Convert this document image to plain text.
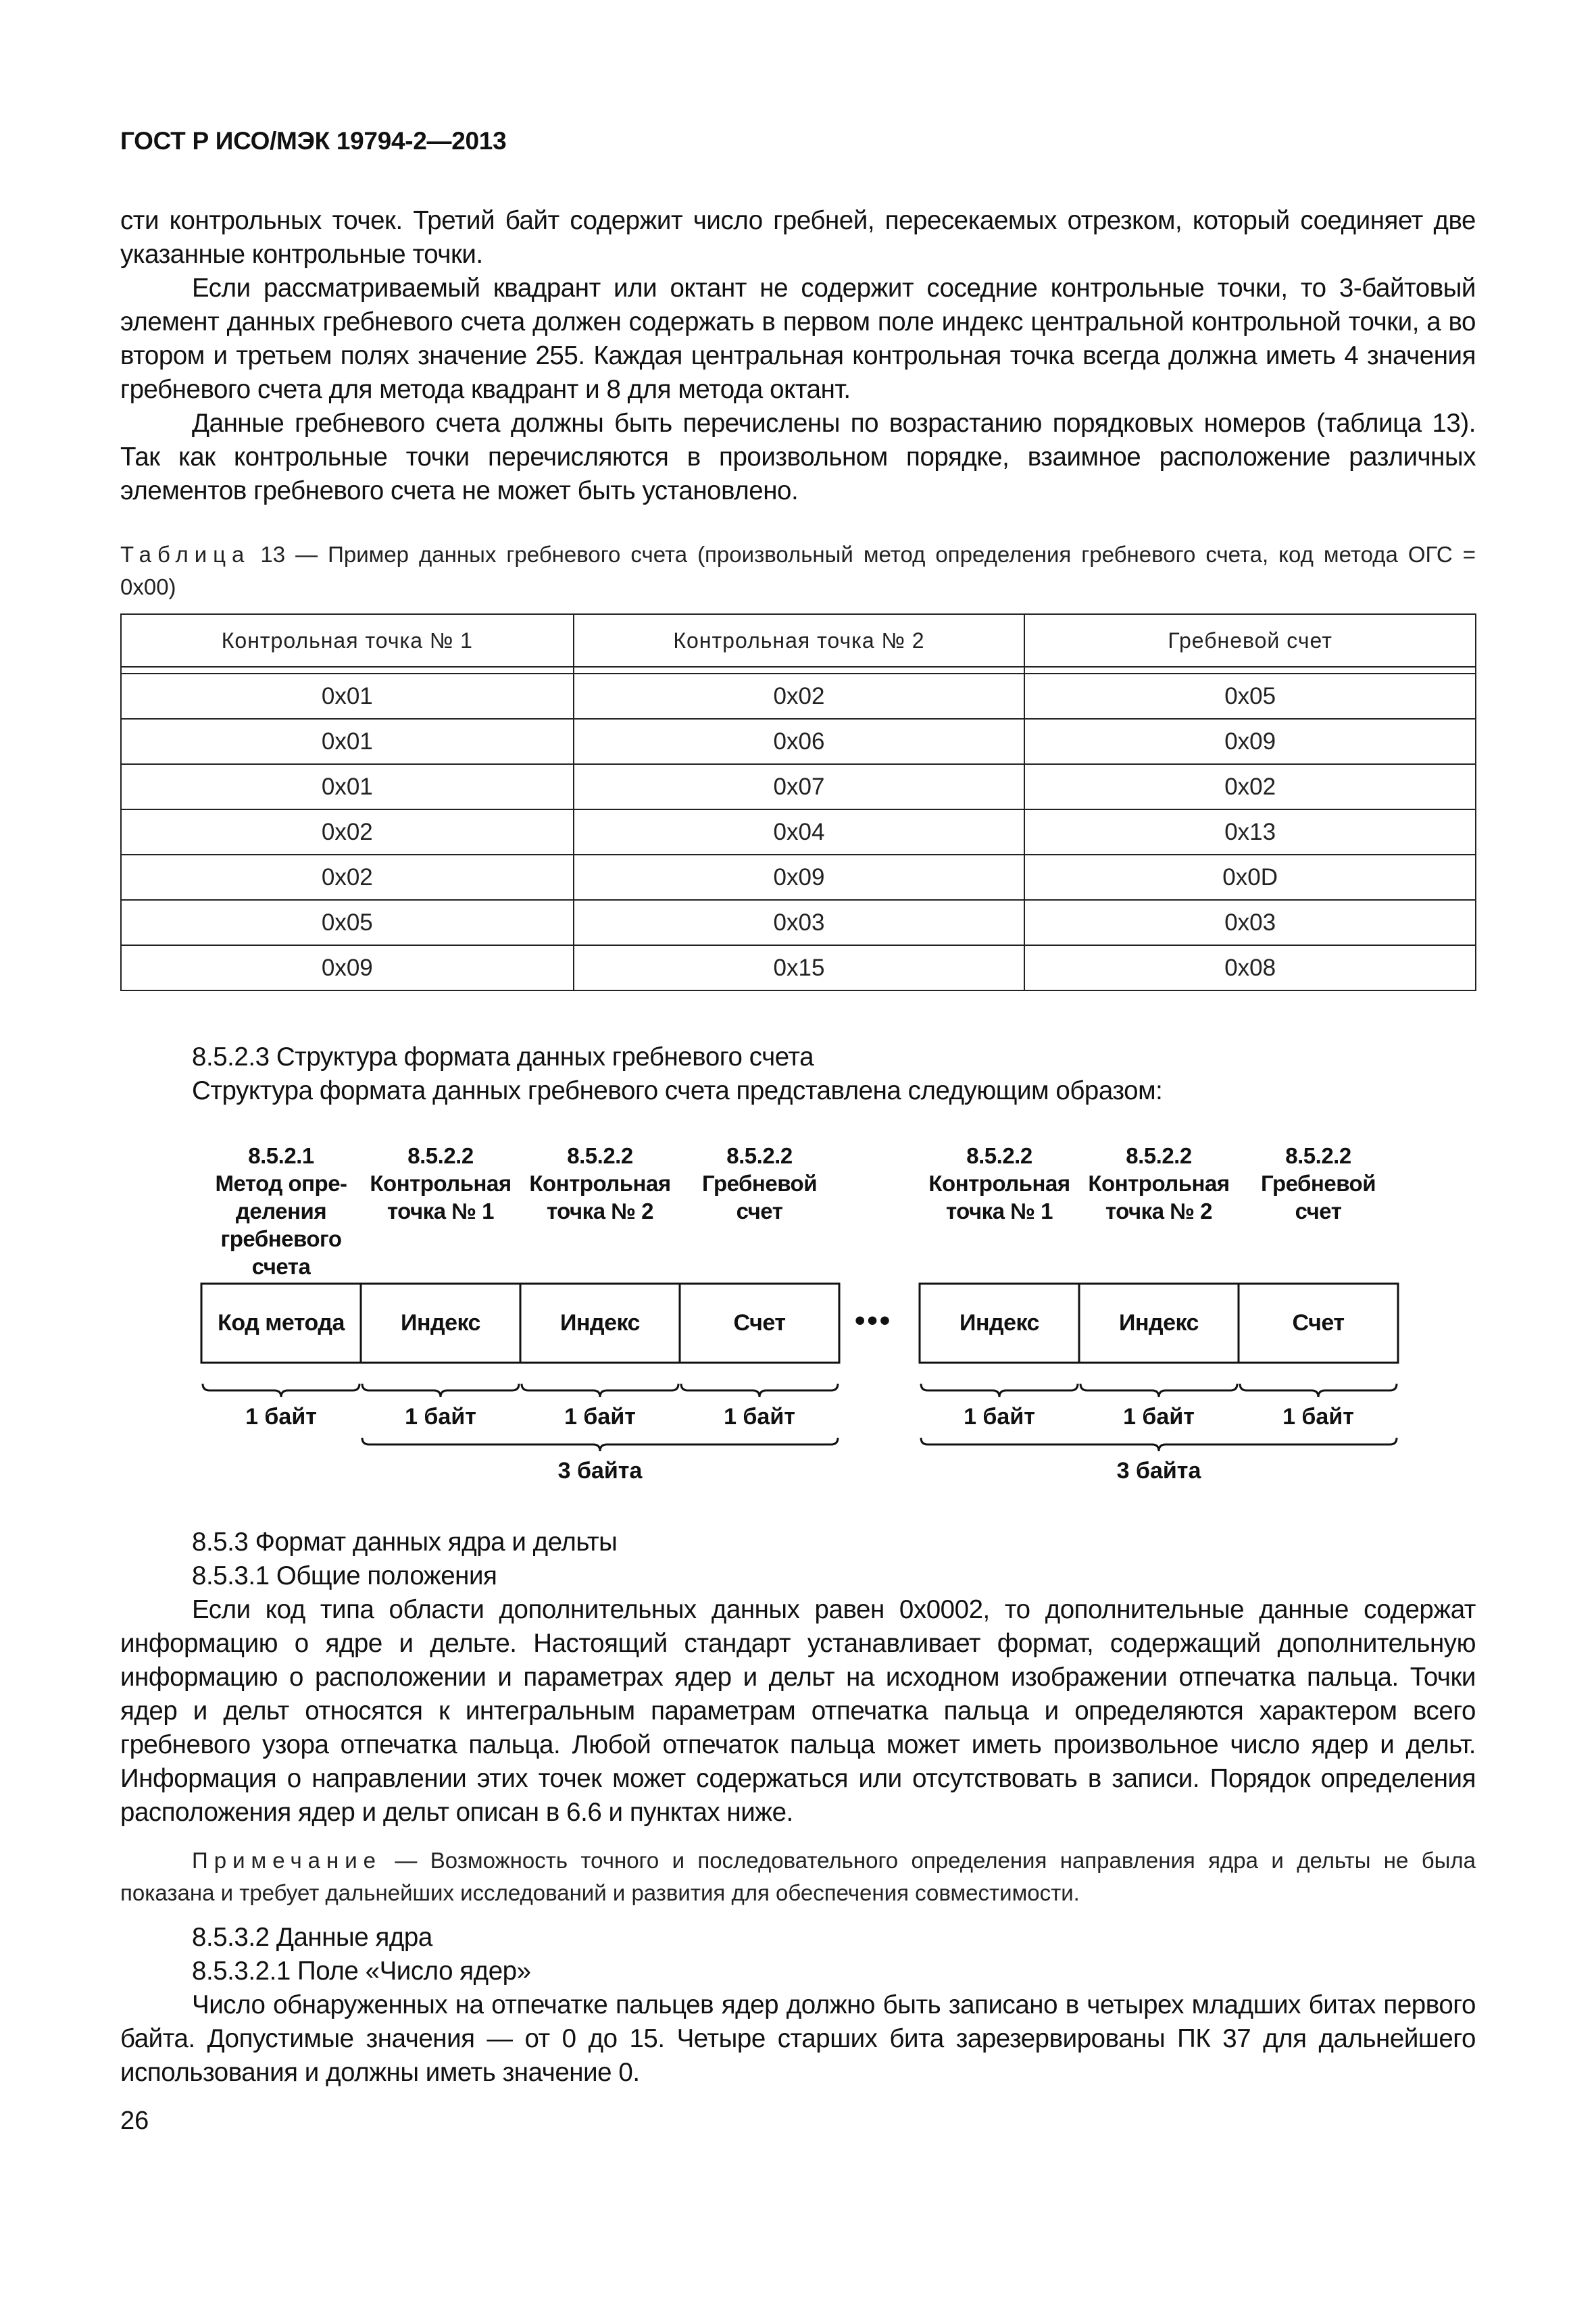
ГОСТ Р ИСО/МЭК 19794-2—2013

сти контрольных точек. Третий байт содержит число гребней, пересекаемых отрезком, который соединяет две указанные контрольные точки.

Если рассматриваемый квадрант или октант не содержит соседние контрольные точки, то 3-байтовый элемент данных гребневого счета должен содержать в первом поле индекс центральной контрольной точки, а во втором и третьем полях значение 255. Каждая центральная контрольная точка всегда должна иметь 4 значения гребневого счета для метода квадрант и 8 для метода октант.

Данные гребневого счета должны быть перечислены по возрастанию порядковых номеров (таблица 13). Так как контрольные точки перечисляются в произвольном порядке, взаимное расположение различных элементов гребневого счета не может быть установлено.

Таблица 13 — Пример данных гребневого счета (произвольный метод определения гребневого счета, код метода ОГС = 0x00)
Контрольная точка № 1	Контрольная точка № 2	Гребневой счет

0x01	0x02	0x05
0x01	0x06	0x09
0x01	0x07	0x02
0x02	0x04	0x13
0x02	0x09	0x0D
0x05	0x03	0x03
0x09	0x15	0x08
8.5.2.3 Структура формата данных гребневого счета
Структура формата данных гребневого счета представлена следующим образом:
8.5.2.1
Метод опре-
деления
гребневого
счета
8.5.2.2
Контрольная
точка № 1
8.5.2.2
Контрольная
точка № 2
8.5.2.2
Гребневой
счет
8.5.2.2
Контрольная
точка № 1
8.5.2.2
Контрольная
точка № 2
8.5.2.2
Гребневой
счет
Код метода	Индекс	Индекс	Счет	•••	Индекс	Индекс	Счет
1 байт	1 байт	1 байт	1 байт	1 байт	1 байт	1 байт
3 байта	3 байта
8.5.3 Формат данных ядра и дельты
8.5.3.1 Общие положения

Если код типа области дополнительных данных равен 0x0002, то дополнительные данные содержат информацию о ядре и дельте. Настоящий стандарт устанавливает формат, содержащий дополнительную информацию о расположении и параметрах ядер и дельт на исходном изображении отпечатка пальца. Точки ядер и дельт относятся к интегральным параметрам отпечатка пальца и определяются характером всего гребневого узора отпечатка пальца. Любой отпечаток пальца может иметь произвольное число ядер и дельт. Информация о направлении этих точек может содержаться или отсутствовать в записи. Порядок определения расположения ядер и дельт описан в 6.6 и пунктах ниже.

Примечание — Возможность точного и последовательного определения направления ядра и дельты не была показана и требует дальнейших исследований и развития для обеспечения совместимости.
8.5.3.2 Данные ядра
8.5.3.2.1 Поле «Число ядер»

Число обнаруженных на отпечатке пальцев ядер должно быть записано в четырех младших битах первого байта. Допустимые значения — от 0 до 15. Четыре старших бита зарезервированы ПК 37 для дальнейшего использования и должны иметь значение 0.

26
